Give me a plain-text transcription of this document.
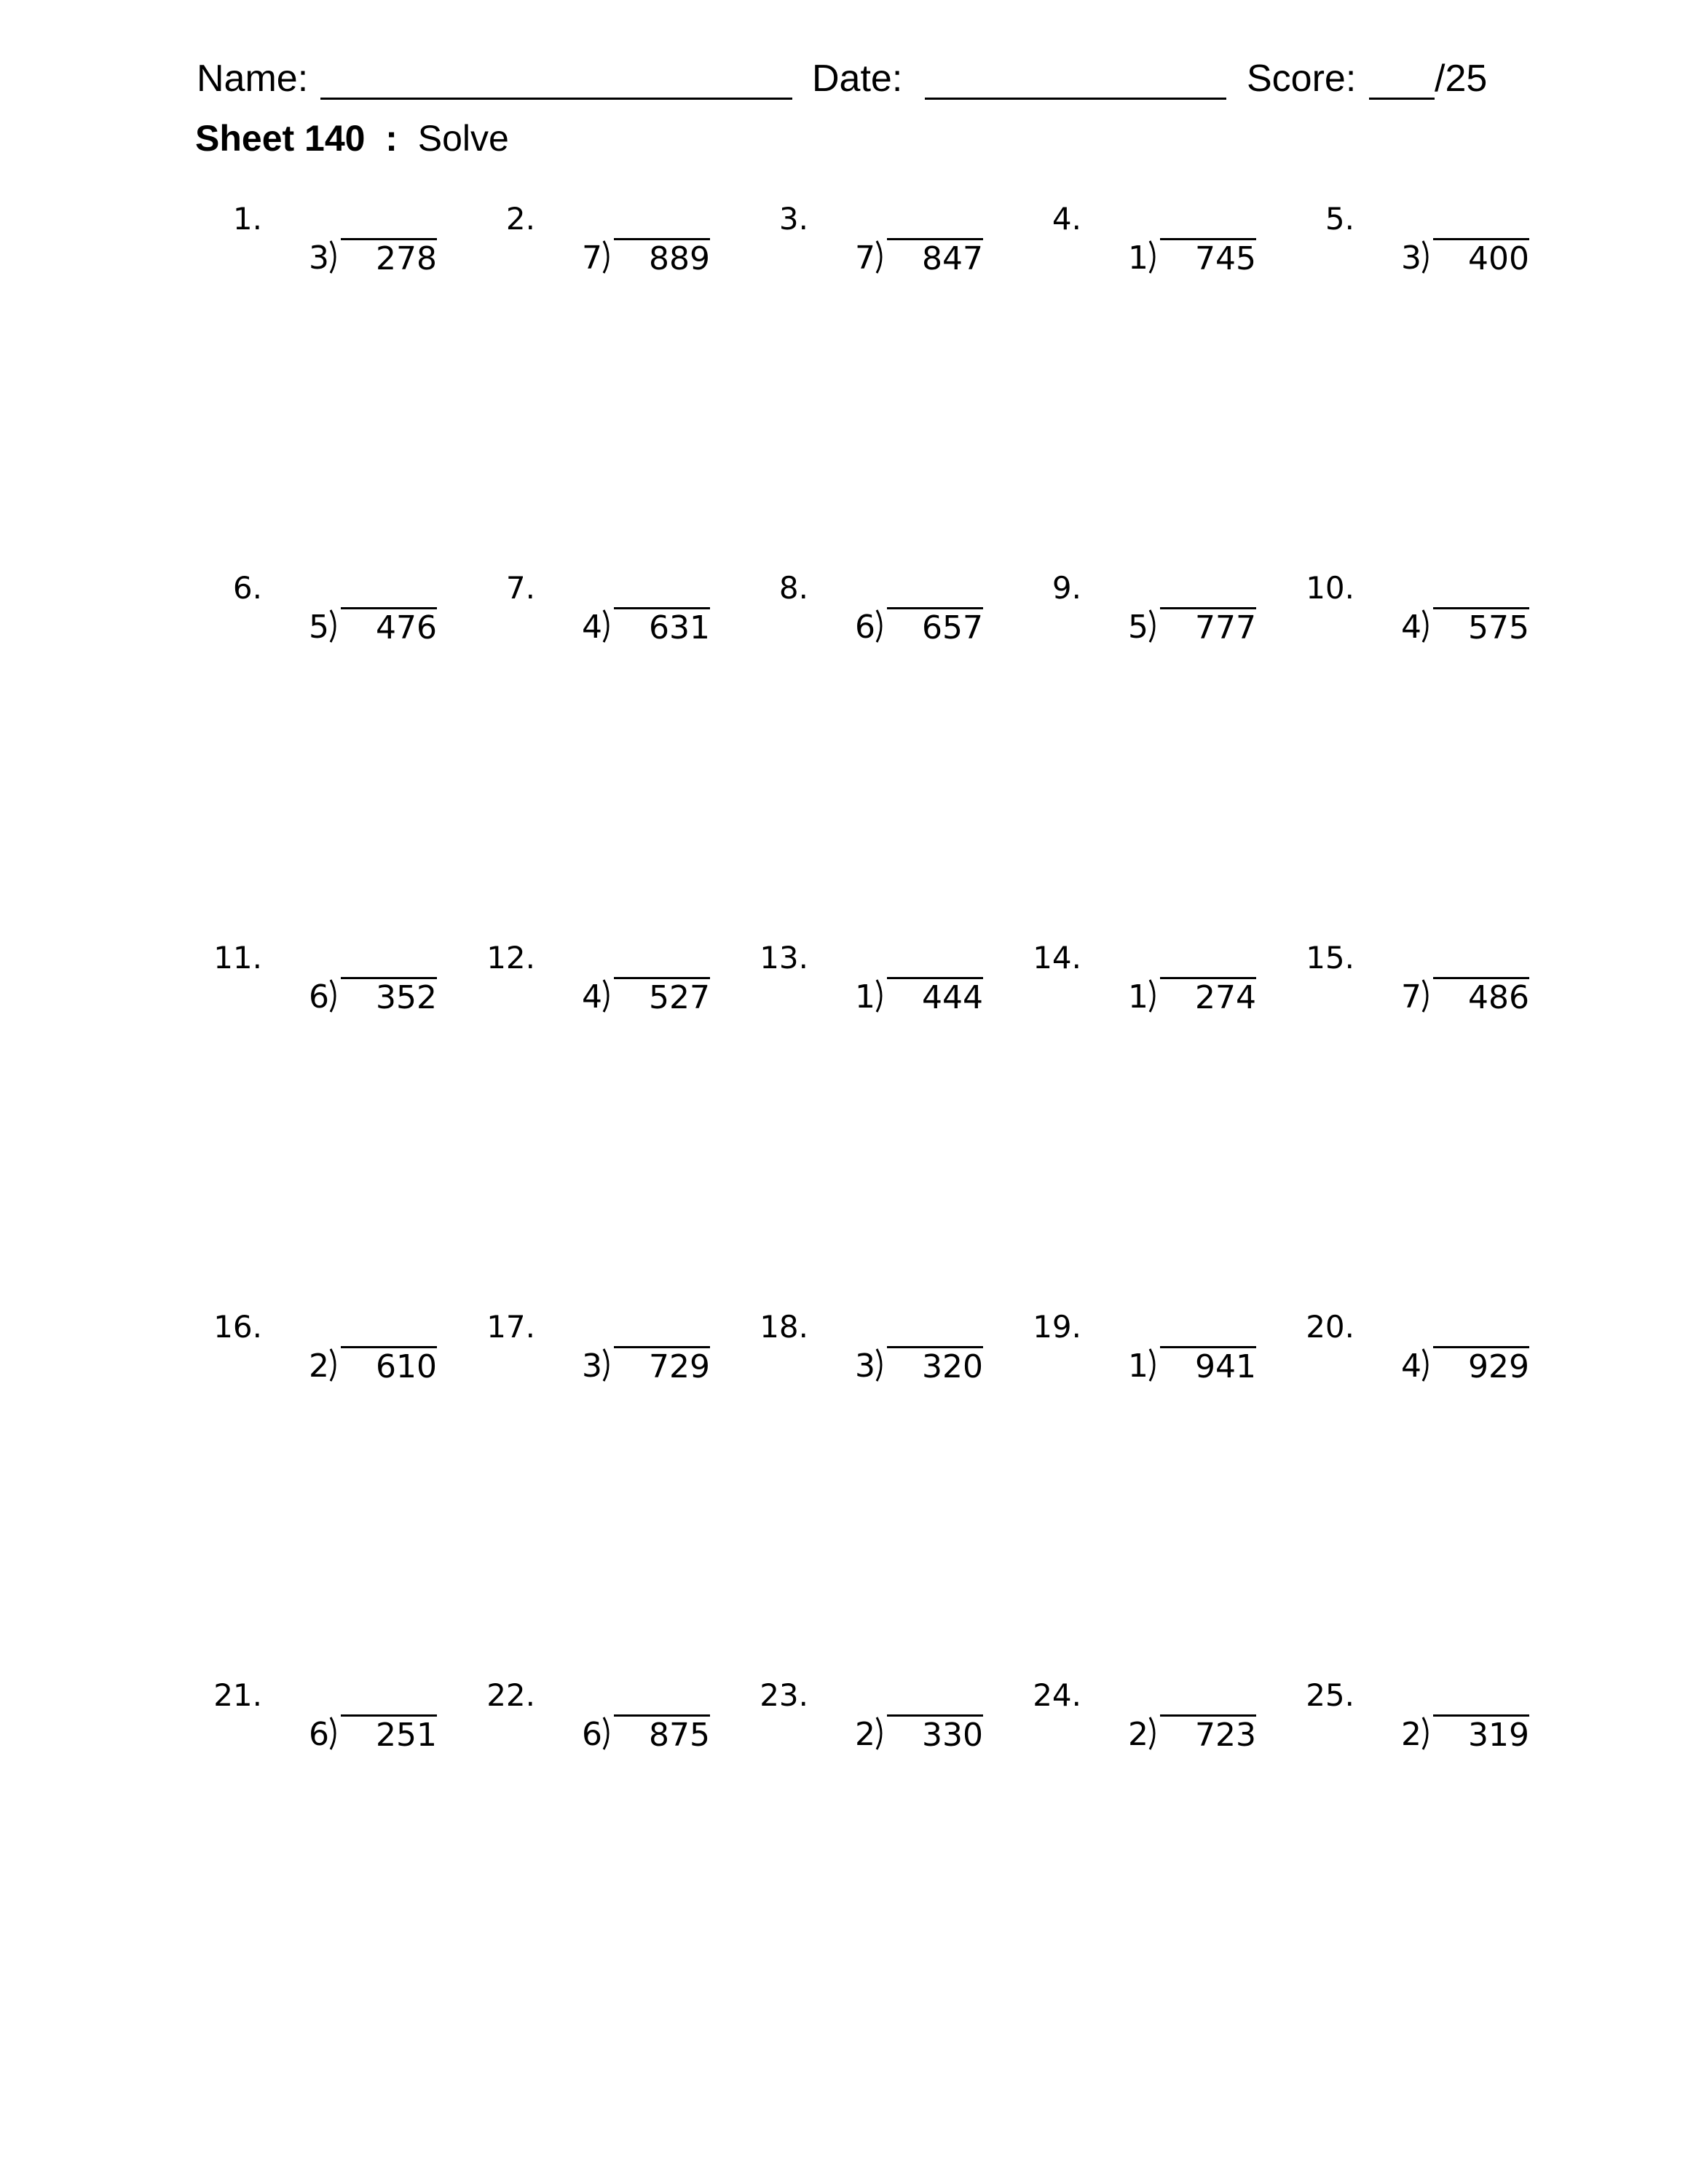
Name:	Date:	Score: /25
Sheet 140 : Solve
1.
3	278
2.
7	889
3.
7	847
4.
1	745
5.
3	400
6.
5	476
7.
4	631
8.
6	657
9.
5	777
10.
4	575
11.
6	352
12.
4	527
13.
1	444
14.
1	274
15.
7	486
16.
2	610
17.
3	729
18.
3	320
19.
1	941
20.
4	929
21.
6	251
22.
6	875
23.
2	330
24.
2	723
25.
2	319
